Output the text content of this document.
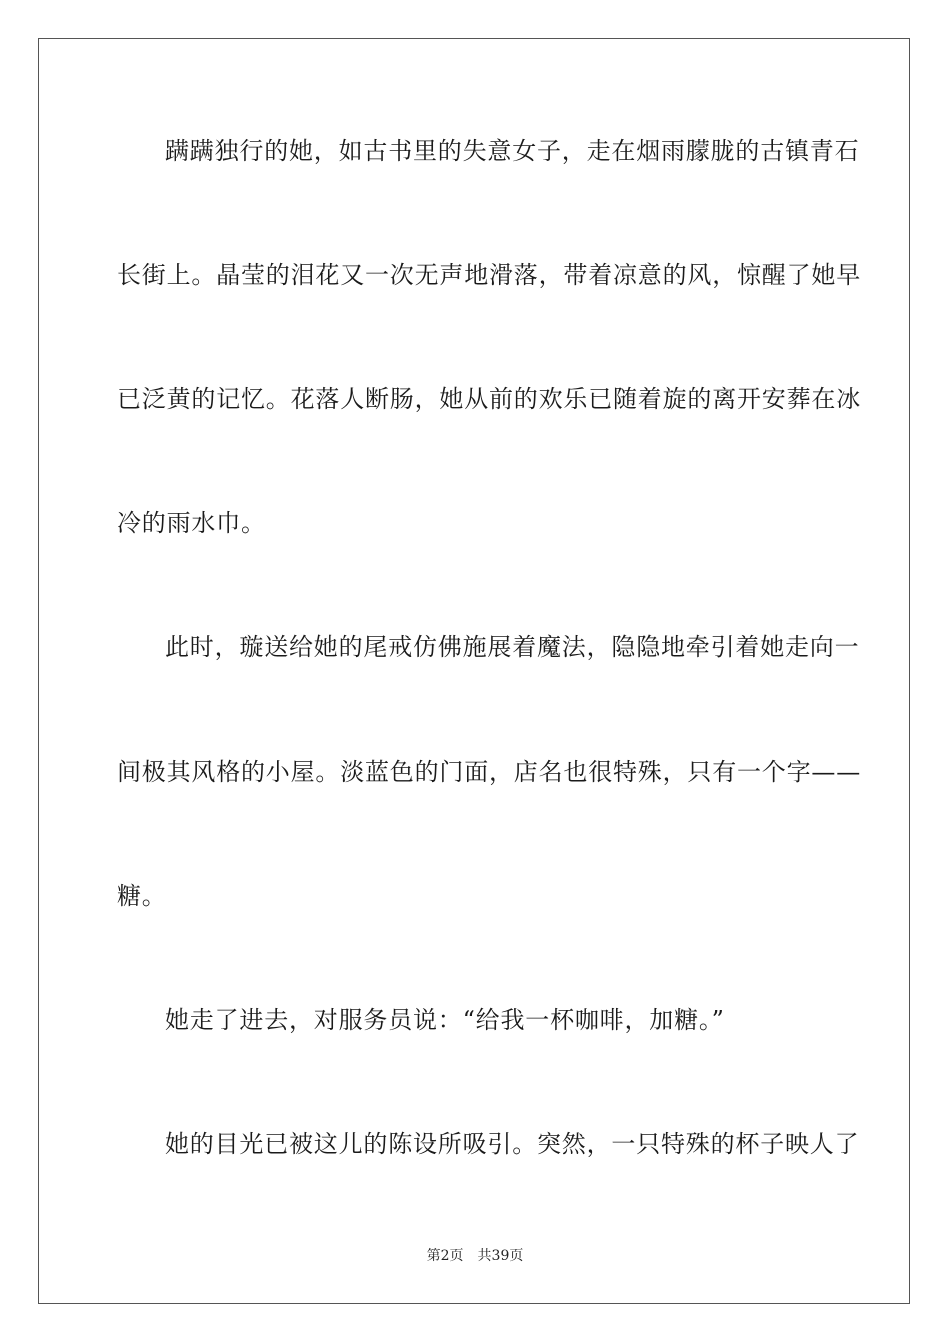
蹒蹒独行的她，如古书里的失意女子，走在烟雨朦胧的古镇青石
长街上。晶莹的泪花又一次无声地滑落，带着凉意的风，惊醒了她早
已泛黄的记忆。花落人断肠，她从前的欢乐已随着旋的离开安葬在冰
冷的雨水巾。
此时，璇送给她的尾戒仿佛施展着魔法，隐隐地牵引着她走向一
间极其风格的小屋。淡蓝色的门面，店名也很特殊，只有一个字——
糖。
她走了进去，对服务员说：“给我一杯咖啡，加糖。”
她的目光已被这儿的陈设所吸引。突然，一只特殊的杯子映人了
第2页 共39页
